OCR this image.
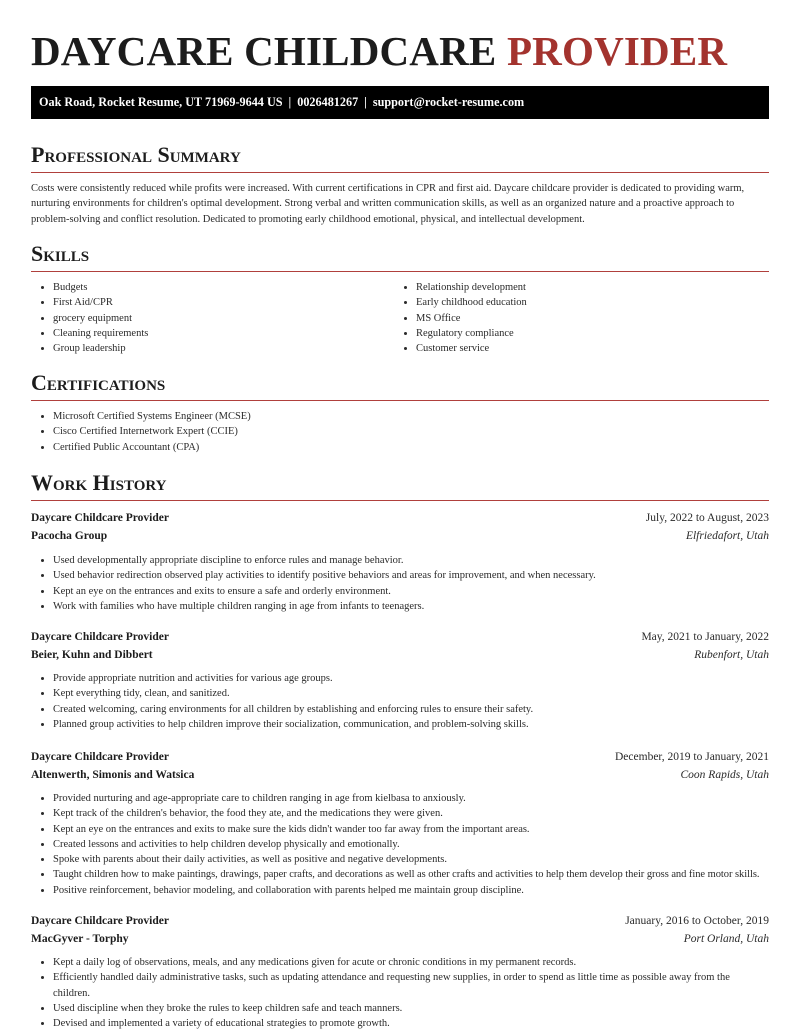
DAYCARE CHILDCARE PROVIDER
Oak Road, Rocket Resume, UT 71969-9644 US | 0026481267 | support@rocket-resume.com
Professional Summary

Costs were consistently reduced while profits were increased. With current certifications in CPR and first aid. Daycare childcare provider is dedicated to providing warm, nurturing environments for children's optimal development. Strong verbal and written communication skills, as well as an organized nature and a proactive approach to problem-solving and conflict resolution. Dedicated to promoting early childhood emotional, physical, and intellectual development.

Skills
• Budgets
• First Aid/CPR
• grocery equipment
• Cleaning requirements
• Group leadership
• Relationship development
• Early childhood education
• MS Office
• Regulatory compliance
• Customer service
Certifications
• Microsoft Certified Systems Engineer (MCSE)
• Cisco Certified Internetwork Expert (CCIE)
• Certified Public Accountant (CPA)
Work History
Daycare Childcare Provider	July, 2022 to August, 2023
Pacocha Group	Elfriedafort, Utah
• Used developmentally appropriate discipline to enforce rules and manage behavior.
• Used behavior redirection observed play activities to identify positive behaviors and areas for improvement, and when necessary.
• Kept an eye on the entrances and exits to ensure a safe and orderly environment.
• Work with families who have multiple children ranging in age from infants to teenagers.
Daycare Childcare Provider	May, 2021 to January, 2022
Beier, Kuhn and Dibbert	Rubenfort, Utah
• Provide appropriate nutrition and activities for various age groups.
• Kept everything tidy, clean, and sanitized.
• Created welcoming, caring environments for all children by establishing and enforcing rules to ensure their safety.
• Planned group activities to help children improve their socialization, communication, and problem-solving skills.
Daycare Childcare Provider	December, 2019 to January, 2021
Altenwerth, Simonis and Watsica	Coon Rapids, Utah
• Provided nurturing and age-appropriate care to children ranging in age from kielbasa to anxiously.
• Kept track of the children's behavior, the food they ate, and the medications they were given.
• Kept an eye on the entrances and exits to make sure the kids didn't wander too far away from the important areas.
• Created lessons and activities to help children develop physically and emotionally.
• Spoke with parents about their daily activities, as well as positive and negative developments.
• Taught children how to make paintings, drawings, paper crafts, and decorations as well as other crafts and activities to help them develop their gross and fine motor skills.
• Positive reinforcement, behavior modeling, and collaboration with parents helped me maintain group discipline.
Daycare Childcare Provider	January, 2016 to October, 2019
MacGyver - Torphy	Port Orland, Utah
• Kept a daily log of observations, meals, and any medications given for acute or chronic conditions in my permanent records.
• Efficiently handled daily administrative tasks, such as updating attendance and requesting new supplies, in order to spend as little time as possible away from the children.
• Used discipline when they broke the rules to keep children safe and teach manners.
• Devised and implemented a variety of educational strategies to promote growth.
